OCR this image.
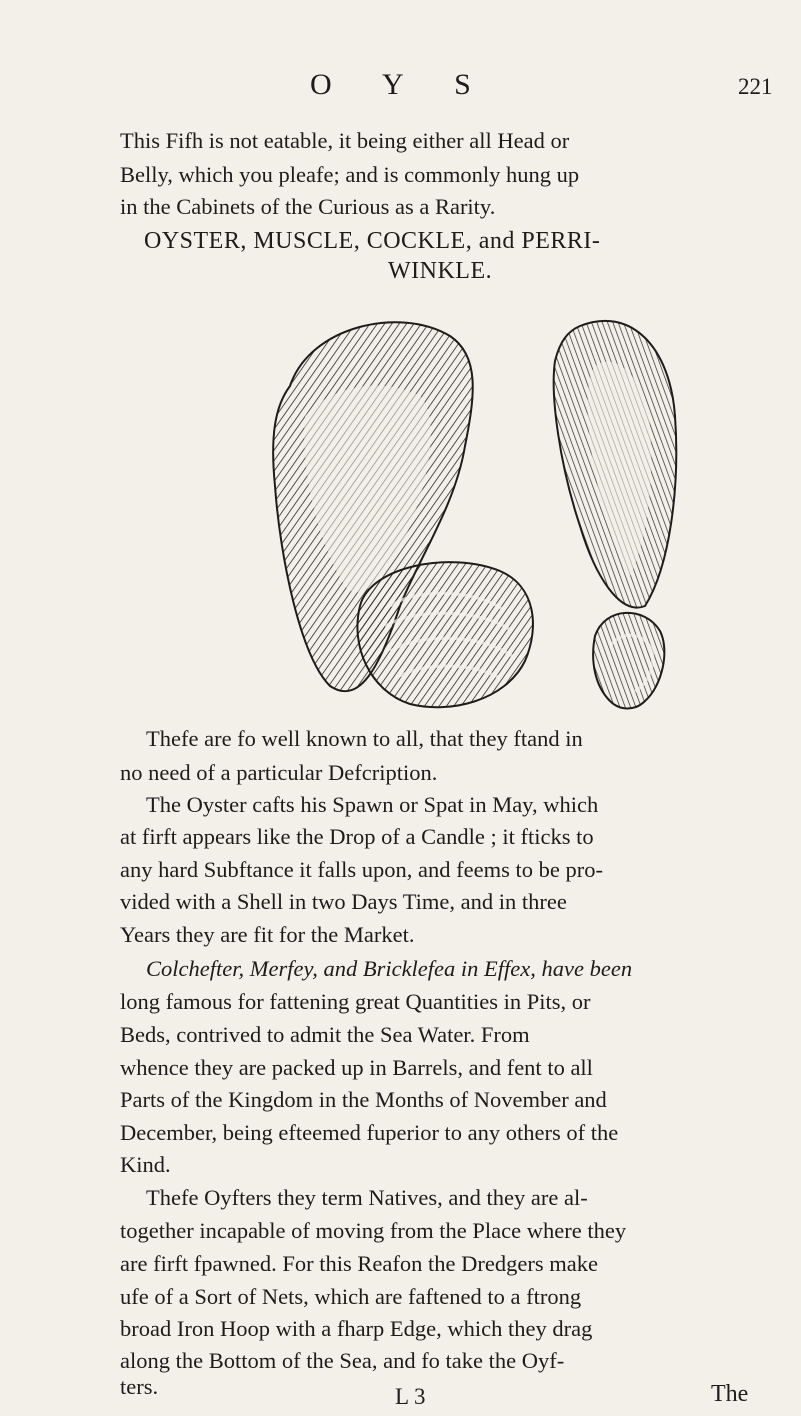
O Y S	221
This Fifh is not eatable, it being either all Head or
Belly, which you pleafe; and is commonly hung up
in the Cabinets of the Curious as a Rarity.
OYSTER, MUSCLE, COCKLE, and PERRI-
WINKLE.
Thefe are fo well known to all, that they ftand in
no need of a particular Defcription.
The Oyster cafts his Spawn or Spat in May, which
at firft appears like the Drop of a Candle ; it fticks to
any hard Subftance it falls upon, and feems to be pro-
vided with a Shell in two Days Time, and in three
Years they are fit for the Market.
Colchefter, Merfey, and Bricklefea in Effex, have been
long famous for fattening great Quantities in Pits, or
Beds, contrived to admit the Sea Water. From
whence they are packed up in Barrels, and fent to all
Parts of the Kingdom in the Months of November and
December, being efteemed fuperior to any others of the
Kind.
Thefe Oyfters they term Natives, and they are al-
together incapable of moving from the Place where they
are firft fpawned. For this Reafon the Dredgers make
ufe of a Sort of Nets, which are faftened to a ftrong
broad Iron Hoop with a fharp Edge, which they drag
along the Bottom of the Sea, and fo take the Oyf-
ters.	L 3	The
